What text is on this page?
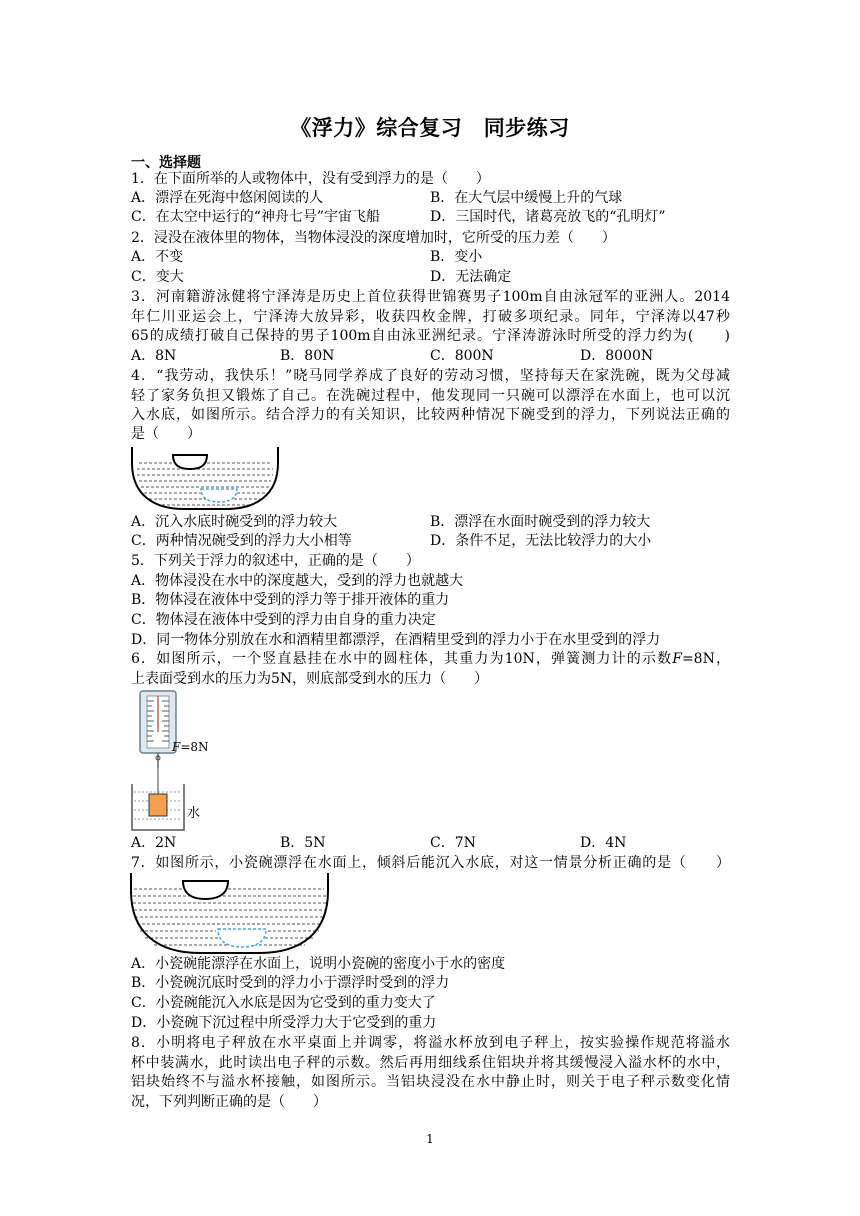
《浮力》综合复习　同步练习
一、选择题
1．在下面所举的人或物体中，没有受到浮力的是（　　）
A．漂浮在死海中悠闲阅读的人	B．在大气层中缓慢上升的气球
C．在太空中运行的“神舟七号”宇宙飞船	D．三国时代，诸葛亮放飞的“孔明灯”
2．浸没在液体里的物体，当物体浸没的深度增加时，它所受的压力差（　　）
A．不变	B．变小
C．变大	D．无法确定
3．河南籍游泳健将宁泽涛是历史上首位获得世锦赛男子100m自由泳冠军的亚洲人。2014
年仁川亚运会上，宁泽涛大放异彩，收获四枚金牌，打破多项纪录。同年，宁泽涛以47秒
65的成绩打破自己保持的男子100m自由泳亚洲纪录。宁泽涛游泳时所受的浮力约为(　　)
A．8N	B．80N	C．800N	D．8000N
4．“我劳动，我快乐！”晓马同学养成了良好的劳动习惯，坚持每天在家洗碗，既为父母减
轻了家务负担又锻炼了自己。在洗碗过程中，他发现同一只碗可以漂浮在水面上，也可以沉
入水底，如图所示。结合浮力的有关知识，比较两种情况下碗受到的浮力，下列说法正确的
是（　　）
A．沉入水底时碗受到的浮力较大	B．漂浮在水面时碗受到的浮力较大
C．两种情况碗受到的浮力大小相等	D．条件不足，无法比较浮力的大小
5．下列关于浮力的叙述中，正确的是（　　）
A．物体浸没在水中的深度越大，受到的浮力也就越大
B．物体浸在液体中受到的浮力等于排开液体的重力
C．物体浸在液体中受到的浮力由自身的重力决定
D．同一物体分别放在水和酒精里都漂浮，在酒精里受到的浮力小于在水里受到的浮力
6．如图所示，一个竖直悬挂在水中的圆柱体，其重力为10N，弹簧测力计的示数F=8N，
上表面受到水的压力为5N，则底部受到水的压力（　　）
F=8N
水
A．2N	B．5N	C．7N	D．4N
7．如图所示，小瓷碗漂浮在水面上，倾斜后能沉入水底，对这一情景分析正确的是（　　）
A．小瓷碗能漂浮在水面上，说明小瓷碗的密度小于水的密度
B．小瓷碗沉底时受到的浮力小于漂浮时受到的浮力
C．小瓷碗能沉入水底是因为它受到的重力变大了
D．小瓷碗下沉过程中所受浮力大于它受到的重力
8．小明将电子秤放在水平桌面上并调零，将溢水杯放到电子秤上，按实验操作规范将溢水
杯中装满水，此时读出电子秤的示数。然后再用细线系住铝块并将其缓慢浸入溢水杯的水中，
铝块始终不与溢水杯接触，如图所示。当铝块浸没在水中静止时，则关于电子秤示数变化情
况，下列判断正确的是（　　）
1
